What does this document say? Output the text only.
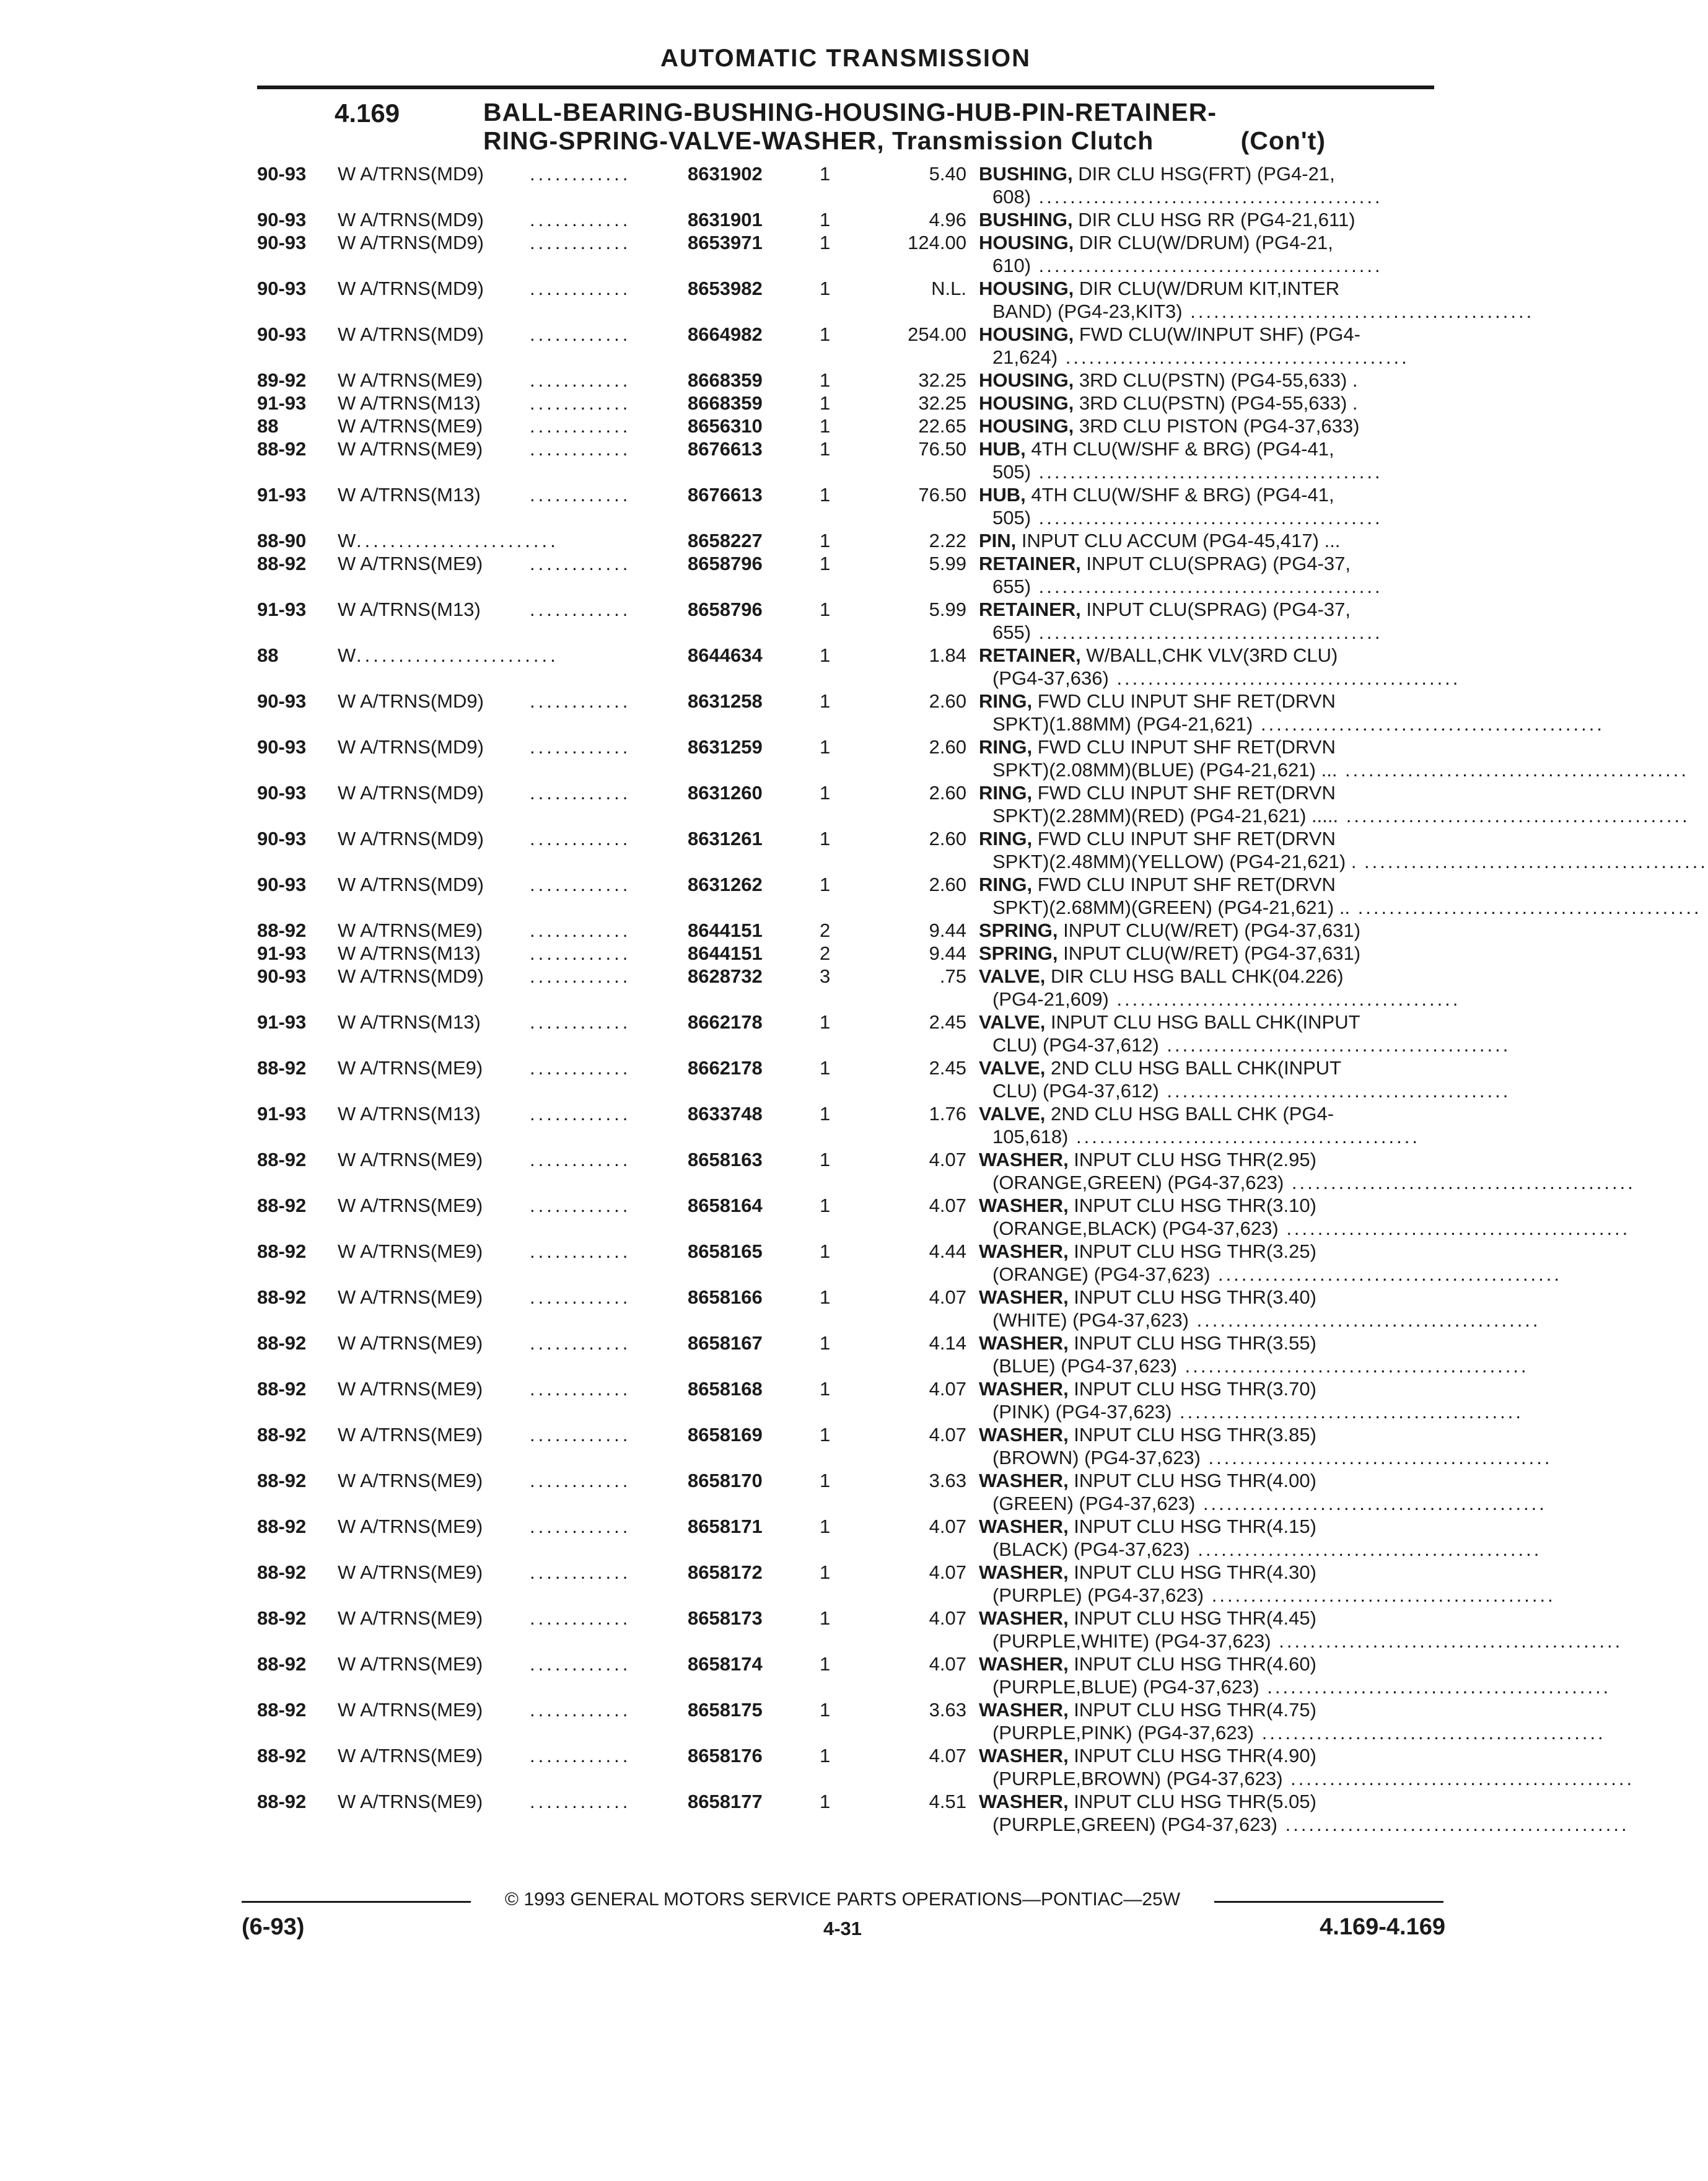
AUTOMATIC TRANSMISSION
4.169	BALL-BEARING-BUSHING-HOUSING-HUB-PIN-RETAINER-
RING-SPRING-VALVE-WASHER, Transmission Clutch	(Con't)
90-93 W A/TRNS(MD9) ............	8631902	1	5.40 BUSHING, DIR CLU HSG(FRT) (PG4-21,
608) ............................................
90-93 W A/TRNS(MD9) ............	8631901	1	4.96 BUSHING, DIR CLU HSG RR (PG4-21,611)
90-93 W A/TRNS(MD9) ............	8653971	1	124.00 HOUSING, DIR CLU(W/DRUM) (PG4-21,
610) ............................................
90-93 W A/TRNS(MD9) ............	8653982	1	N.L. HOUSING, DIR CLU(W/DRUM KIT,INTER
BAND) (PG4-23,KIT3) ............................................
90-93 W A/TRNS(MD9) ............	8664982	1	254.00 HOUSING, FWD CLU(W/INPUT SHF) (PG4-
21,624) ............................................
89-92 W A/TRNS(ME9) ............	8668359	1	32.25 HOUSING, 3RD CLU(PSTN) (PG4-55,633) .
91-93 W A/TRNS(M13)	............	8668359	1	32.25 HOUSING, 3RD CLU(PSTN) (PG4-55,633) .
88	W A/TRNS(ME9) ............	8656310	1	22.65 HOUSING, 3RD CLU PISTON (PG4-37,633)
88-92 W A/TRNS(ME9) ............	8676613	1	76.50 HUB, 4TH CLU(W/SHF & BRG) (PG4-41,
505) ............................................
91-93 W A/TRNS(M13)	............	8676613	1	76.50 HUB, 4TH CLU(W/SHF & BRG) (PG4-41,
505) ............................................
88-90 W ........................	8658227	1	2.22 PIN, INPUT CLU ACCUM (PG4-45,417) ...
88-92 W A/TRNS(ME9) ............	8658796	1	5.99 RETAINER, INPUT CLU(SPRAG) (PG4-37,
655) ............................................
91-93 W A/TRNS(M13)	............	8658796	1	5.99 RETAINER, INPUT CLU(SPRAG) (PG4-37,
655) ............................................
88	W ........................	8644634	1	1.84 RETAINER, W/BALL,CHK VLV(3RD CLU)
(PG4-37,636) ............................................
90-93 W A/TRNS(MD9) ............	8631258	1	2.60 RING, FWD CLU INPUT SHF RET(DRVN
SPKT)(1.88MM) (PG4-21,621) ............................................
90-93 W A/TRNS(MD9) ............	8631259	1	2.60 RING, FWD CLU INPUT SHF RET(DRVN
SPKT)(2.08MM)(BLUE) (PG4-21,621) ... ............................................
90-93 W A/TRNS(MD9) ............	8631260	1	2.60 RING, FWD CLU INPUT SHF RET(DRVN
SPKT)(2.28MM)(RED) (PG4-21,621) ..... ............................................
90-93 W A/TRNS(MD9) ............	8631261	1	2.60 RING, FWD CLU INPUT SHF RET(DRVN
SPKT)(2.48MM)(YELLOW) (PG4-21,621) . ............................................
90-93 W A/TRNS(MD9) ............	8631262	1	2.60 RING, FWD CLU INPUT SHF RET(DRVN
SPKT)(2.68MM)(GREEN) (PG4-21,621) .. ............................................
88-92 W A/TRNS(ME9) ............	8644151	2	9.44 SPRING, INPUT CLU(W/RET) (PG4-37,631)
91-93 W A/TRNS(M13)	............	8644151	2	9.44 SPRING, INPUT CLU(W/RET) (PG4-37,631)
90-93 W A/TRNS(MD9) ............	8628732	3	.75 VALVE, DIR CLU HSG BALL CHK(04.226)
(PG4-21,609) ............................................
91-93 W A/TRNS(M13)	............	8662178	1	2.45 VALVE, INPUT CLU HSG BALL CHK(INPUT
CLU) (PG4-37,612) ............................................
88-92 W A/TRNS(ME9) ............	8662178	1	2.45 VALVE, 2ND CLU HSG BALL CHK(INPUT
CLU) (PG4-37,612) ............................................
91-93 W A/TRNS(M13)	............	8633748	1	1.76 VALVE, 2ND CLU HSG BALL CHK (PG4-
105,618) ............................................
88-92 W A/TRNS(ME9) ............	8658163	1	4.07 WASHER, INPUT CLU HSG THR(2.95)
(ORANGE,GREEN) (PG4-37,623) ............................................
88-92 W A/TRNS(ME9) ............	8658164	1	4.07 WASHER, INPUT CLU HSG THR(3.10)
(ORANGE,BLACK) (PG4-37,623) ............................................
88-92 W A/TRNS(ME9) ............	8658165	1	4.44 WASHER, INPUT CLU HSG THR(3.25)
(ORANGE) (PG4-37,623) ............................................
88-92 W A/TRNS(ME9) ............	8658166	1	4.07 WASHER, INPUT CLU HSG THR(3.40)
(WHITE) (PG4-37,623) ............................................
88-92 W A/TRNS(ME9) ............	8658167	1	4.14 WASHER, INPUT CLU HSG THR(3.55)
(BLUE) (PG4-37,623) ............................................
88-92 W A/TRNS(ME9) ............	8658168	1	4.07 WASHER, INPUT CLU HSG THR(3.70)
(PINK) (PG4-37,623) ............................................
88-92 W A/TRNS(ME9) ............	8658169	1	4.07 WASHER, INPUT CLU HSG THR(3.85)
(BROWN) (PG4-37,623) ............................................
88-92 W A/TRNS(ME9) ............	8658170	1	3.63 WASHER, INPUT CLU HSG THR(4.00)
(GREEN) (PG4-37,623) ............................................
88-92 W A/TRNS(ME9) ............	8658171	1	4.07 WASHER, INPUT CLU HSG THR(4.15)
(BLACK) (PG4-37,623) ............................................
88-92 W A/TRNS(ME9) ............	8658172	1	4.07 WASHER, INPUT CLU HSG THR(4.30)
(PURPLE) (PG4-37,623) ............................................
88-92 W A/TRNS(ME9) ............	8658173	1	4.07 WASHER, INPUT CLU HSG THR(4.45)
(PURPLE,WHITE) (PG4-37,623) ............................................
88-92 W A/TRNS(ME9) ............	8658174	1	4.07 WASHER, INPUT CLU HSG THR(4.60)
(PURPLE,BLUE) (PG4-37,623) ............................................
88-92 W A/TRNS(ME9) ............	8658175	1	3.63 WASHER, INPUT CLU HSG THR(4.75)
(PURPLE,PINK) (PG4-37,623) ............................................
88-92 W A/TRNS(ME9) ............	8658176	1	4.07 WASHER, INPUT CLU HSG THR(4.90)
(PURPLE,BROWN) (PG4-37,623) ............................................
88-92 W A/TRNS(ME9) ............	8658177	1	4.51 WASHER, INPUT CLU HSG THR(5.05)
(PURPLE,GREEN) (PG4-37,623) ............................................
© 1993 GENERAL MOTORS SERVICE PARTS OPERATIONS—PONTIAC—25W
(6-93)	4-31	4.169-4.169
